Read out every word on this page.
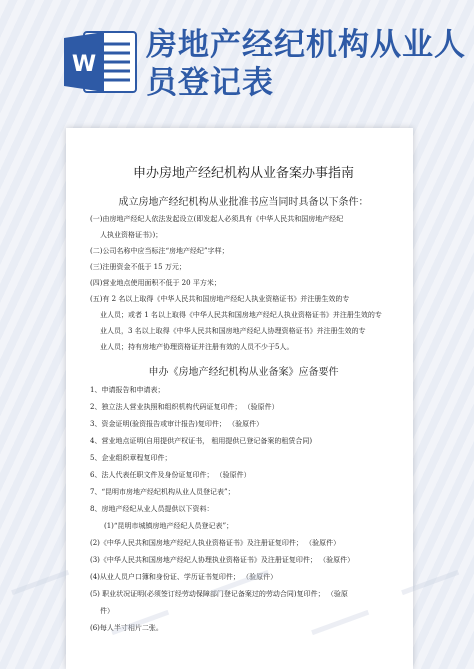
W
房地产经纪机构从业人员登记表
申办房地产经纪机构从业备案办事指南
成立房地产经纪机构从业批准书应当同时具备以下条件：

(一)由房地产经纪人依法发起设立(即发起人必须具有《中华人民共和国房地产经纪

人执业资格证书》)；

(二)公司名称中应当标注“房地产经纪”字样；

(三)注册资金不低于 15 万元；

(四)营业地点使用面积不低于 20 平方米；

(五)有 2 名以上取得《中华人民共和国房地产经纪人执业资格证书》并注册生效的专

业人员；或者 1 名以上取得《中华人民共和国房地产经纪人执业资格证书》并注册生效的专

业人员，3 名以上取得《中华人民共和国房地产经纪人协理资格证书》并注册生效的专

业人员；持有房地产协理资格证并注册有效的人员不少于5人。

申办《房地产经纪机构从业备案》应备要件

1、申请报告和申请表；

2、独立法人营业执照和组织机构代码证复印件； （验原件）

3、资金证明(验资报告或审计报告)复印件； （验原件）

4、营业地点证明(自用提供产权证书， 租用提供已登记备案的租赁合同)

5、企业组织章程复印件；

6、法人代表任职文件及身份证复印件； （验原件）

7、“昆明市房地产经纪机构从业人员登记表”；

8、房地产经纪从业人员提供以下资料：

(1)“昆明市城镇房地产经纪人员登记表”；

(2)《中华人民共和国房地产经纪人执业资格证书》及注册证复印件； （验原件）

(3)《中华人民共和国房地产经纪人协理执业资格证书》及注册证复印件； （验原件）

(4)从业人员户口簿和身份证、学历证书复印件； （验原件）

(5) 职业状况证明(必须签订经劳动保障部门登记备案过的劳动合同)复印件； （验原

件）

(6)每人半寸相片二张。
